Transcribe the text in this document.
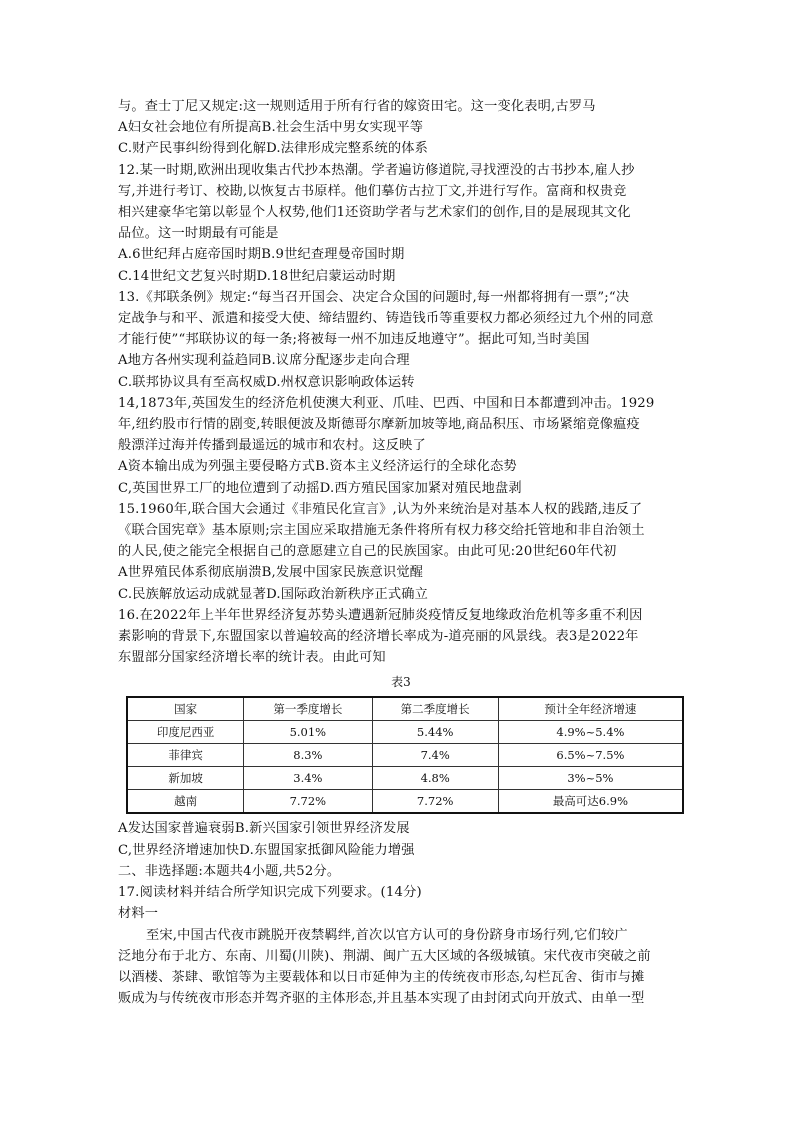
与。查士丁尼又规定:这一规则适用于所有行省的嫁资田宅。这一变化表明,古罗马
A妇女社会地位有所提高B.社会生活中男女实现平等
C.财产民事纠纷得到化解D.法律形成完整系统的体系
12.某一时期,欧洲出现收集古代抄本热潮。学者遍访修道院,寻找湮没的古书抄本,雇人抄
写,并进行考订、校勘,以恢复古书原样。他们摹仿古拉丁文,并进行写作。富商和权贵竞
相兴建豪华宅第以彰显个人权势,他们1还资助学者与艺术家们的创作,目的是展现其文化
品位。这一时期最有可能是
A.6世纪拜占庭帝国时期B.9世纪查理曼帝国时期
C.14世纪文艺复兴时期D.18世纪启蒙运动时期
13.《邦联条例》规定:“每当召开国会、决定合众国的问题时,每一州都将拥有一票”;“决
定战争与和平、派遣和接受大使、缔结盟约、铸造钱币等重要权力都必须经过九个州的同意
才能行使”“邦联协议的每一条;将被每一州不加违反地遵守”。据此可知,当时美国
A地方各州实现利益趋同B.议席分配逐步走向合理
C.联邦协议具有至高权威D.州权意识影响政体运转
14,1873年,英国发生的经济危机使澳大利亚、爪哇、巴西、中国和日本都遭到冲击。1929
年,纽约股市行情的剧变,转眼便波及斯德哥尔摩新加坡等地,商品积压、市场紧缩竟像瘟疫
般漂洋过海并传播到最遥远的城市和农村。这反映了
A资本输出成为列强主要侵略方式B.资本主义经济运行的全球化态势
C,英国世界工厂的地位遭到了动摇D.西方殖民国家加紧对殖民地盘剥
15.1960年,联合国大会通过《非殖民化宣言》,认为外来统治是对基本人权的践踏,违反了
《联合国宪章》基本原则;宗主国应采取措施无条件将所有权力移交给托管地和非自治领土
的人民,使之能完全根据自己的意愿建立自己的民族国家。由此可见:20世纪60年代初
A世界殖民体系彻底崩溃B,发展中国家民族意识觉醒
C.民族解放运动成就显著D.国际政治新秩序正式确立
16.在2022年上半年世界经济复苏势头遭遇新冠肺炎疫情反复地缘政治危机等多重不利因
素影响的背景下,东盟国家以普遍较高的经济增长率成为-道亮丽的风景线。表3是2022年
东盟部分国家经济增长率的统计表。由此可知
表3
国家	第一季度增长	第二季度增长	预计全年经济增速
印度尼西亚	5.01%	5.44%	4.9%~5.4%
菲律宾	8.3%	7.4%	6.5%~7.5%
新加坡	3.4%	4.8%	3%~5%
越南	7.72%	7.72%	最高可达6.9%
A发达国家普遍衰弱B.新兴国家引领世界经济发展
C,世界经济增速加快D.东盟国家抵御风险能力增强
二、非选择题:本题共4小题,共52分。
17.阅读材料并结合所学知识完成下列要求。(14分)
材料一
至宋,中国古代夜市跳脱开夜禁羁绊,首次以官方认可的身份跻身市场行列,它们较广
泛地分布于北方、东南、川蜀(川陕)、荆湖、闽广五大区域的各级城镇。宋代夜市突破之前
以酒楼、茶肆、歌馆等为主要载体和以日市延伸为主的传统夜市形态,勾栏瓦舍、街市与摊
贩成为与传统夜市形态并驾齐驱的主体形态,并且基本实现了由封闭式向开放式、由单一型
